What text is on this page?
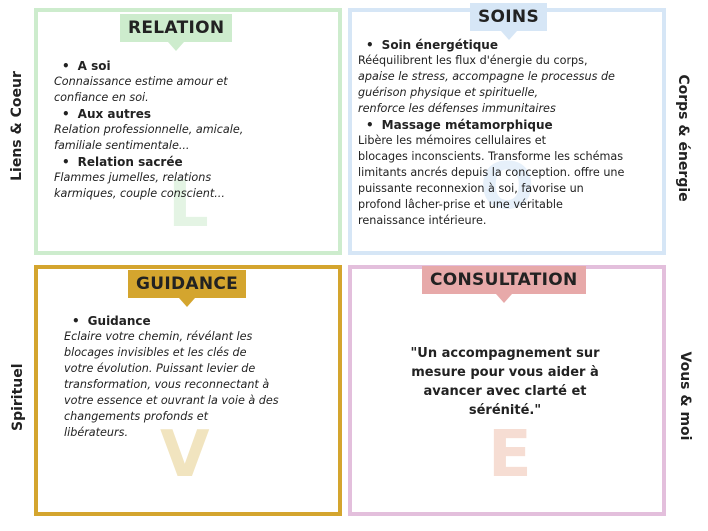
L	O
V	E
RELATION
SOINS
GUIDANCE	CONSULTATION
Liens & Coeur	Corps & énergie
Spirituel	Vous & moi
• A soi
Connaissance estime amour et
confiance en soi.
• Aux autres
Relation professionnelle, amicale,
familiale sentimentale...
• Relation sacrée
Flammes jumelles, relations
karmiques, couple conscient...
• Soin énergétique
Rééquilibrent les flux d'énergie du corps,
apaise le stress, accompagne le processus de
guérison physique et spirituelle,
renforce les défenses immunitaires
• Massage métamorphique
Libère les mémoires cellulaires et
blocages inconscients. Transforme les schémas
limitants ancrés depuis la conception. offre une
puissante reconnexion à soi, favorise un
profond lâcher-prise et une véritable
renaissance intérieure.
• Guidance
Eclaire votre chemin, révélant les
blocages invisibles et les clés de
votre évolution. Puissant levier de
transformation, vous reconnectant à
votre essence et ouvrant la voie à des
changements profonds et
libérateurs.
"Un accompagnement sur
mesure pour vous aider à
avancer avec clarté et
sérénité."
